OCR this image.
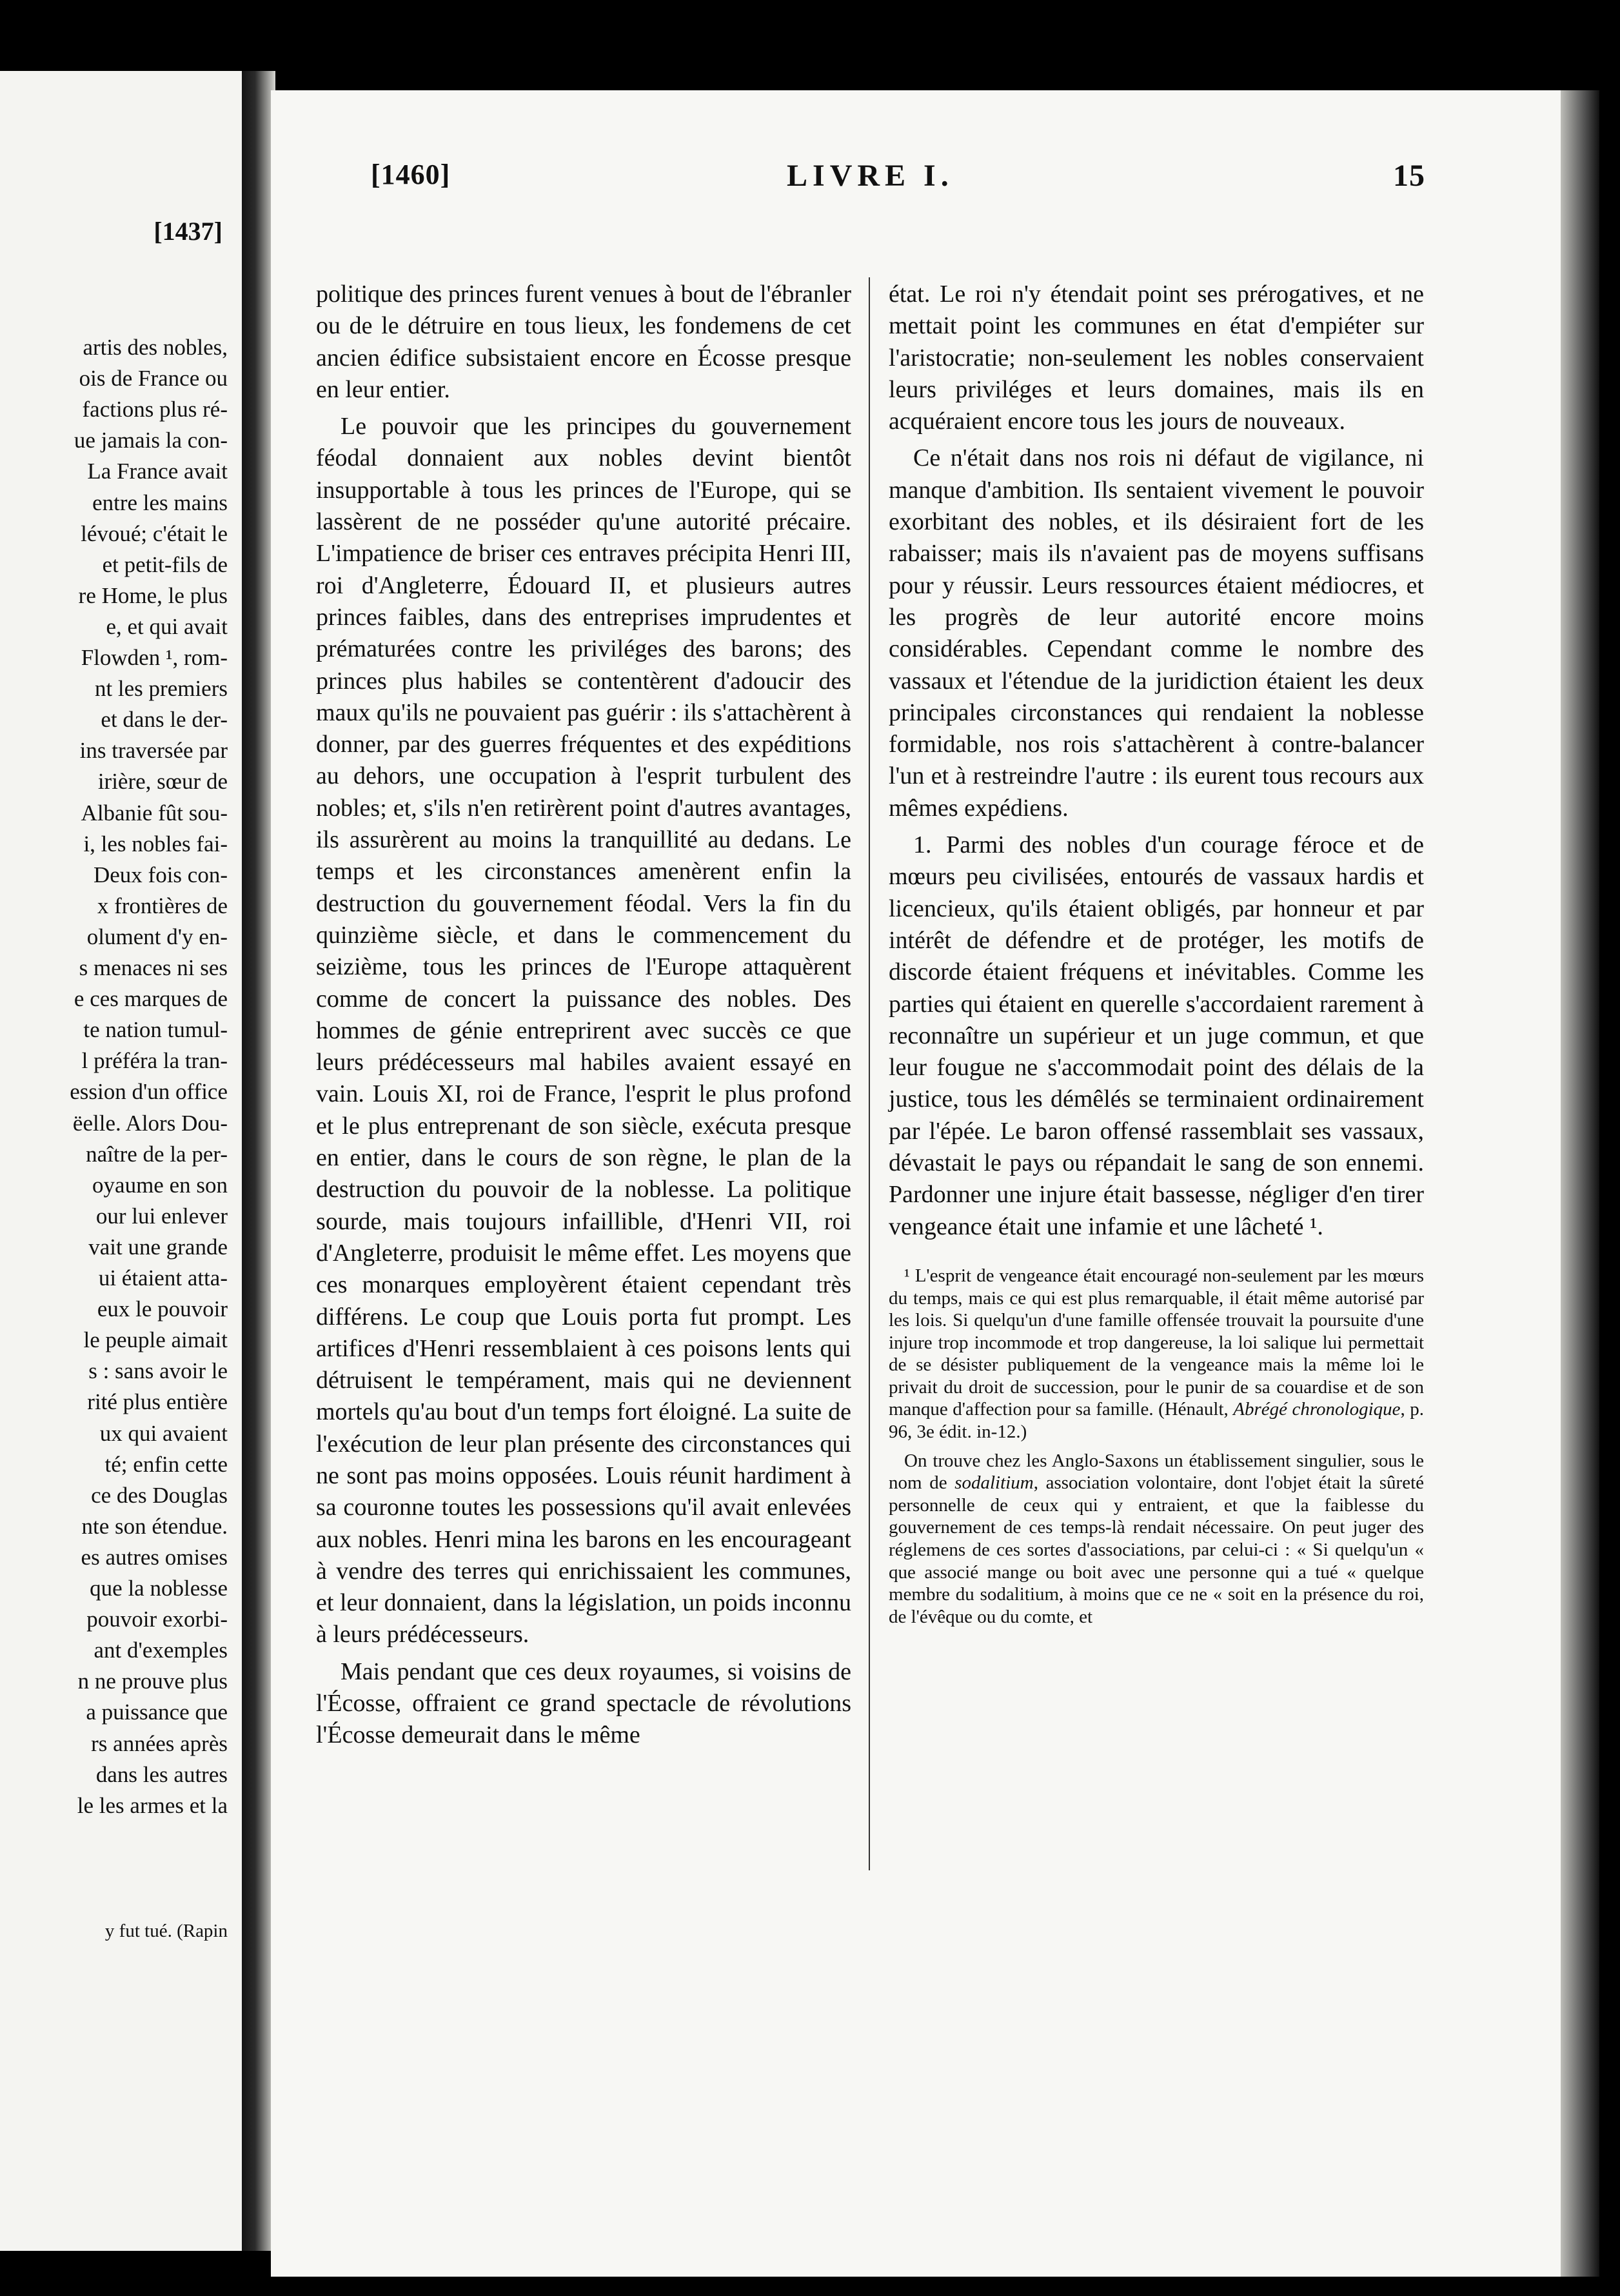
[1437]
artis des nobles,
ois de France ou
factions plus ré-
ue jamais la con-
La France avait
entre les mains
lévoué; c'était le
et petit-fils de
re Home, le plus
e, et qui avait
Flowden ¹, rom-
nt les premiers
et dans le der-
ins traversée par
irière, sœur de
Albanie fût sou-
i, les nobles fai-
Deux fois con-
x frontières de
olument d'y en-
s menaces ni ses
e ces marques de
te nation tumul-
l préféra la tran-
ession d'un office
ëelle. Alors Dou-
naître de la per-
oyaume en son
our lui enlever
vait une grande
ui étaient atta-
eux le pouvoir
le peuple aimait
s : sans avoir le
rité plus entière
ux qui avaient
té; enfin cette
ce des Douglas
nte son étendue.
es autres omises
que la noblesse
pouvoir exorbi-
ant d'exemples
n ne prouve plus
a puissance que
rs années après
dans les autres
le les armes et la
y fut tué. (Rapin
[1460]	LIVRE I.	15

politique des princes furent venues à bout de l'ébranler ou de le détruire en tous lieux, les fondemens de cet ancien édifice subsistaient encore en Écosse presque en leur entier.

Le pouvoir que les principes du gouvernement féodal donnaient aux nobles devint bientôt insupportable à tous les princes de l'Europe, qui se lassèrent de ne posséder qu'une autorité précaire. L'impatience de briser ces entraves précipita Henri III, roi d'Angleterre, Édouard II, et plusieurs autres princes faibles, dans des entreprises imprudentes et prématurées contre les priviléges des barons; des princes plus habiles se contentèrent d'adoucir des maux qu'ils ne pouvaient pas guérir : ils s'attachèrent à donner, par des guerres fréquentes et des expéditions au dehors, une occupation à l'esprit turbulent des nobles; et, s'ils n'en retirèrent point d'autres avantages, ils assurèrent au moins la tranquillité au dedans. Le temps et les circonstances amenèrent enfin la destruction du gouvernement féodal. Vers la fin du quinzième siècle, et dans le commencement du seizième, tous les princes de l'Europe attaquèrent comme de concert la puissance des nobles. Des hommes de génie entreprirent avec succès ce que leurs prédécesseurs mal habiles avaient essayé en vain. Louis XI, roi de France, l'esprit le plus profond et le plus entreprenant de son siècle, exécuta presque en entier, dans le cours de son règne, le plan de la destruction du pouvoir de la noblesse. La politique sourde, mais toujours infaillible, d'Henri VII, roi d'Angleterre, produisit le même effet. Les moyens que ces monarques employèrent étaient cependant très différens. Le coup que Louis porta fut prompt. Les artifices d'Henri ressemblaient à ces poisons lents qui détruisent le tempérament, mais qui ne deviennent mortels qu'au bout d'un temps fort éloigné. La suite de l'exécution de leur plan présente des circonstances qui ne sont pas moins opposées. Louis réunit hardiment à sa couronne toutes les possessions qu'il avait enlevées aux nobles. Henri mina les barons en les encourageant à vendre des terres qui enrichissaient les communes, et leur donnaient, dans la législation, un poids inconnu à leurs prédécesseurs.

Mais pendant que ces deux royaumes, si voisins de l'Écosse, offraient ce grand spectacle de révolutions l'Écosse demeurait dans le même

état. Le roi n'y étendait point ses prérogatives, et ne mettait point les communes en état d'empiéter sur l'aristocratie; non-seulement les nobles conservaient leurs priviléges et leurs domaines, mais ils en acquéraient encore tous les jours de nouveaux.

Ce n'était dans nos rois ni défaut de vigilance, ni manque d'ambition. Ils sentaient vivement le pouvoir exorbitant des nobles, et ils désiraient fort de les rabaisser; mais ils n'avaient pas de moyens suffisans pour y réussir. Leurs ressources étaient médiocres, et les progrès de leur autorité encore moins considérables. Cependant comme le nombre des vassaux et l'étendue de la juridiction étaient les deux principales circonstances qui rendaient la noblesse formidable, nos rois s'attachèrent à contre-balancer l'un et à restreindre l'autre : ils eurent tous recours aux mêmes expédiens.

1. Parmi des nobles d'un courage féroce et de mœurs peu civilisées, entourés de vassaux hardis et licencieux, qu'ils étaient obligés, par honneur et par intérêt de défendre et de protéger, les motifs de discorde étaient fréquens et inévitables. Comme les parties qui étaient en querelle s'accordaient rarement à reconnaître un supérieur et un juge commun, et que leur fougue ne s'accommodait point des délais de la justice, tous les démêlés se terminaient ordinairement par l'épée. Le baron offensé rassemblait ses vassaux, dévastait le pays ou répandait le sang de son ennemi. Pardonner une injure était bassesse, négliger d'en tirer vengeance était une infamie et une lâcheté ¹.

¹ L'esprit de vengeance était encouragé non-seulement par les mœurs du temps, mais ce qui est plus remarquable, il était même autorisé par les lois. Si quelqu'un d'une famille offensée trouvait la poursuite d'une injure trop incommode et trop dangereuse, la loi salique lui permettait de se désister publiquement de la vengeance mais la même loi le privait du droit de succession, pour le punir de sa couardise et de son manque d'affection pour sa famille. (Hénault, Abrégé chronologique, p. 96, 3e édit. in-12.)

On trouve chez les Anglo-Saxons un établissement singulier, sous le nom de sodalitium, association volontaire, dont l'objet était la sûreté personnelle de ceux qui y entraient, et que la faiblesse du gouvernement de ces temps-là rendait nécessaire. On peut juger des réglemens de ces sortes d'associations, par celui-ci : « Si quelqu'un « que associé mange ou boit avec une personne qui a tué « quelque membre du sodalitium, à moins que ce ne « soit en la présence du roi, de l'évêque ou du comte, et
